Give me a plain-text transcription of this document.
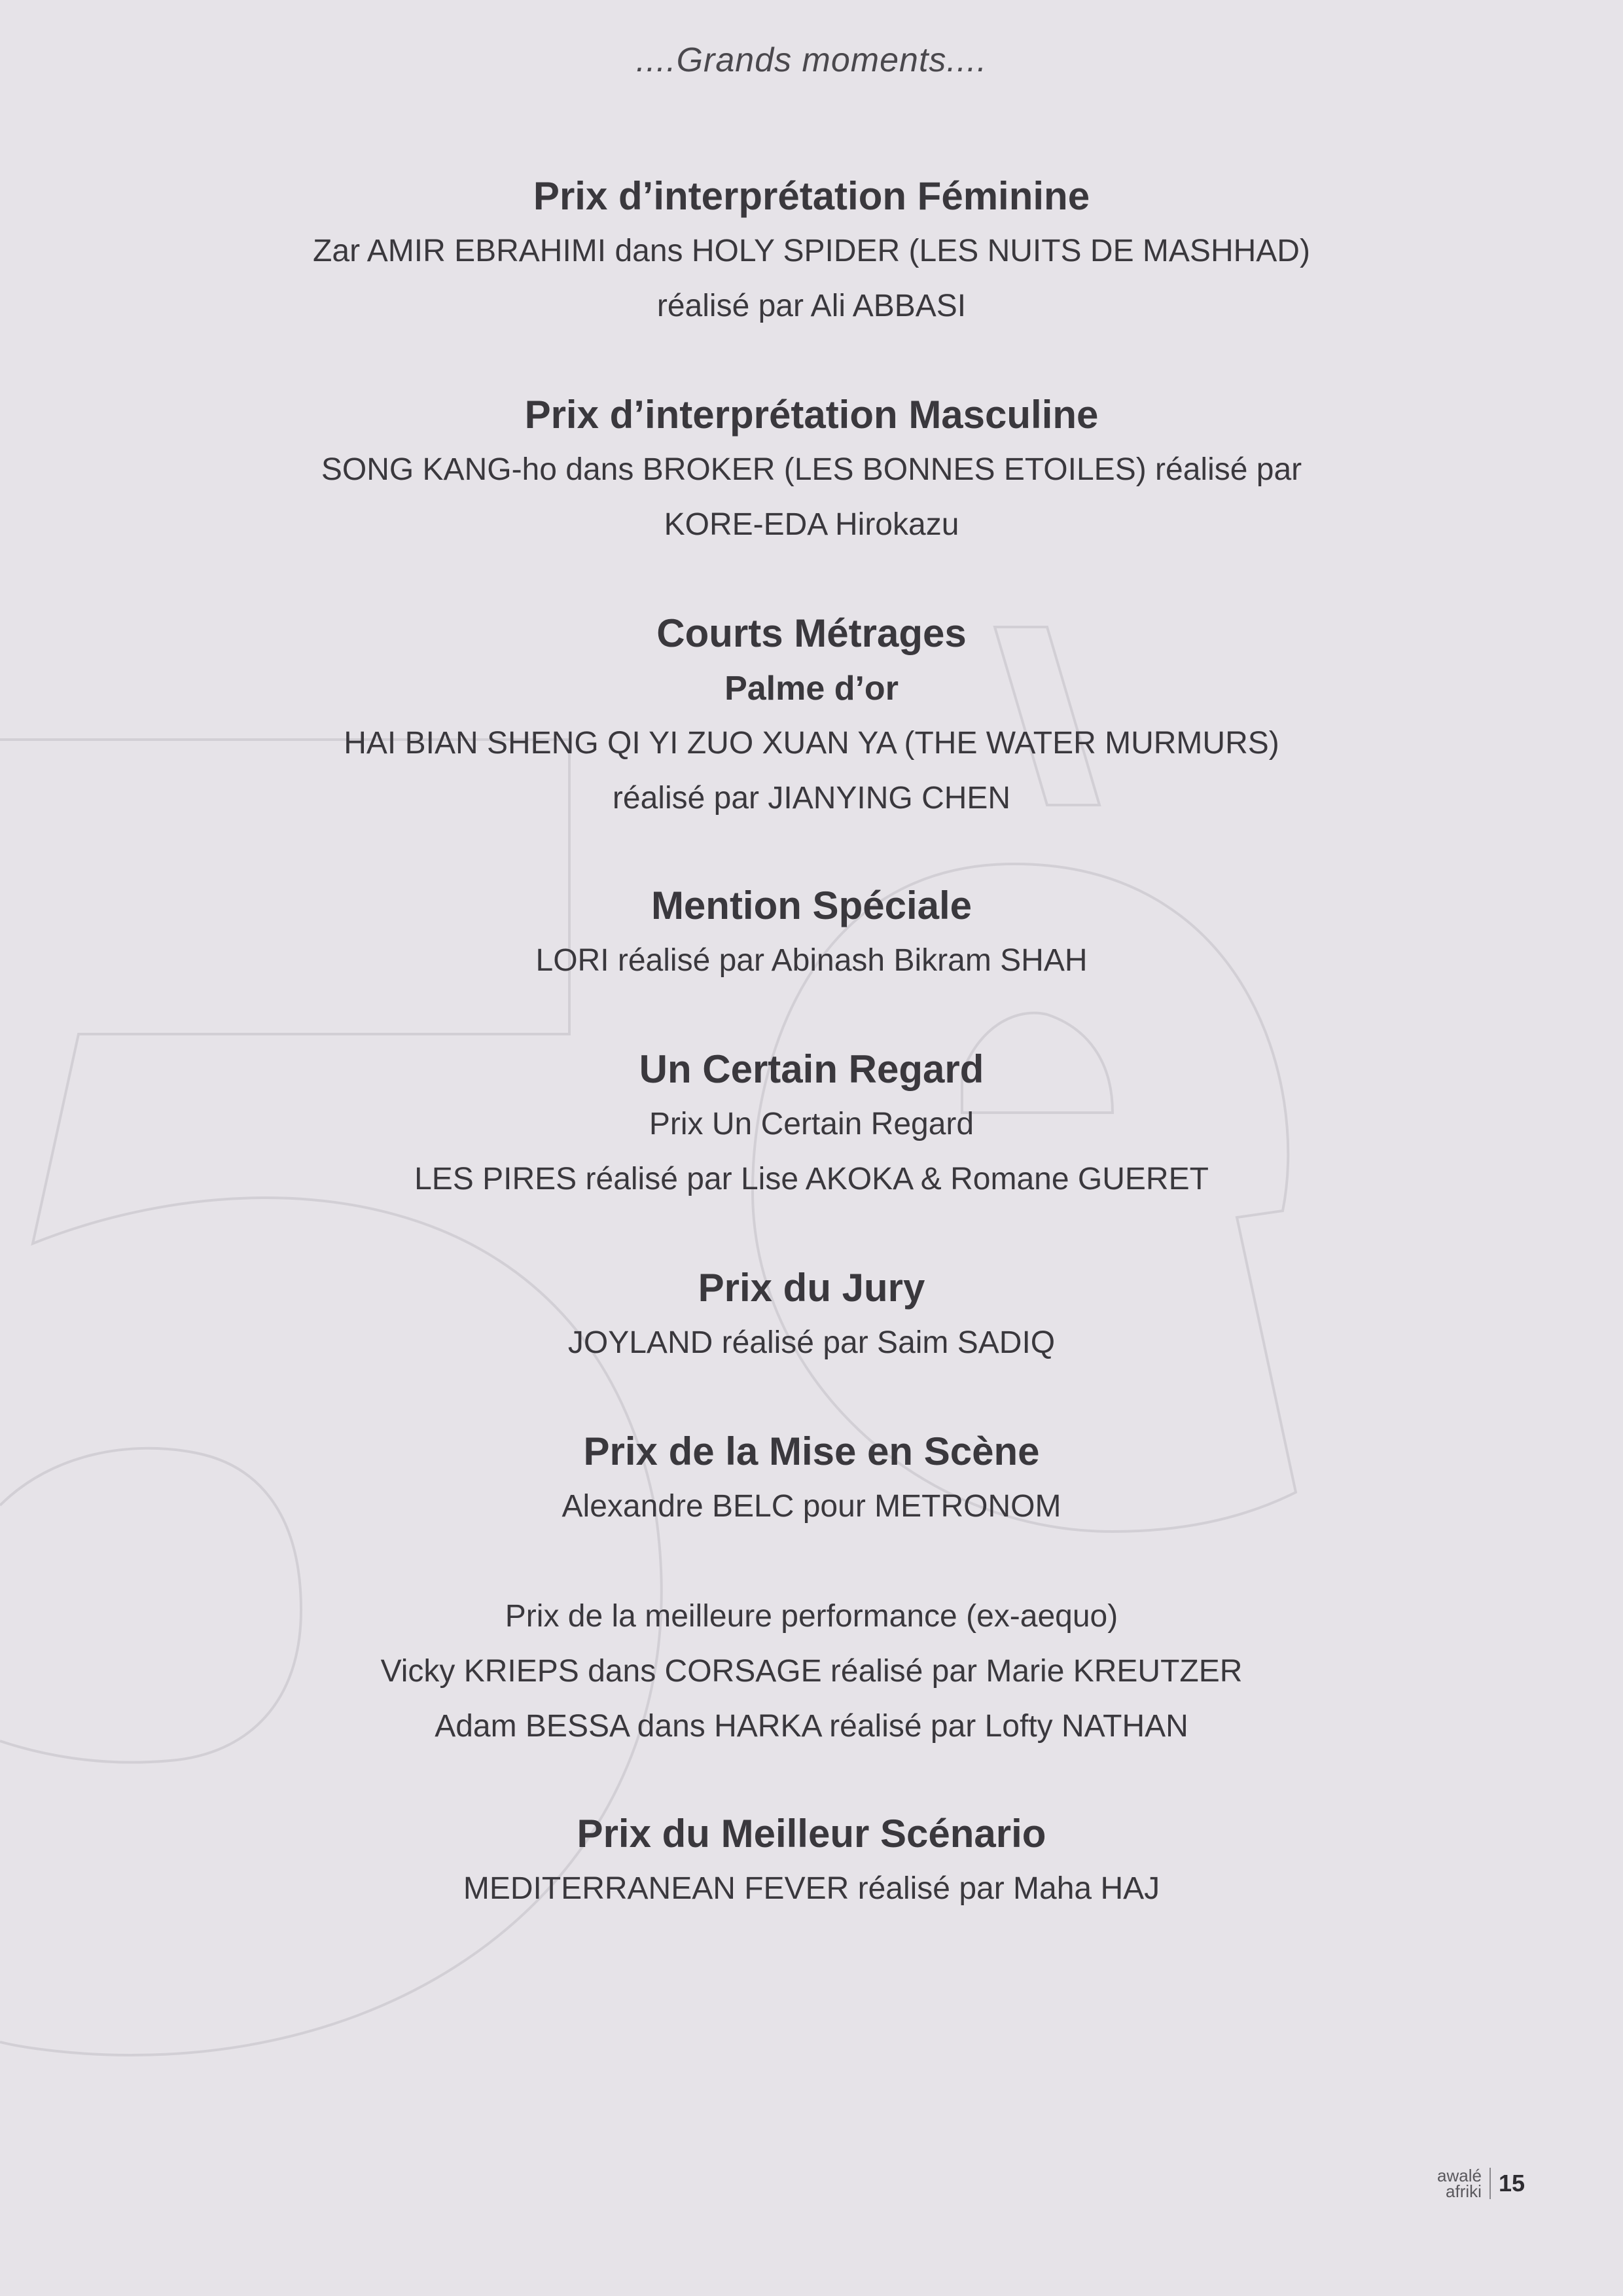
....Grands moments....

Prix d’interprétation Féminine

Zar AMIR EBRAHIMI dans HOLY SPIDER (LES NUITS DE MASHHAD)

réalisé par Ali ABBASI

Prix d’interprétation Masculine

SONG KANG-ho dans BROKER (LES BONNES ETOILES) réalisé par

KORE-EDA Hirokazu

Courts Métrages

Palme d’or

HAI BIAN SHENG QI YI ZUO XUAN YA (THE WATER MURMURS)

réalisé par JIANYING CHEN

Mention Spéciale

LORI réalisé par Abinash Bikram SHAH

Un Certain Regard

Prix Un Certain Regard

LES PIRES réalisé par Lise AKOKA & Romane GUERET

Prix du Jury

JOYLAND réalisé par Saim SADIQ

Prix de la Mise en Scène

Alexandre BELC pour METRONOM

Prix de la meilleure performance (ex-aequo)

Vicky KRIEPS dans CORSAGE réalisé par Marie KREUTZER

Adam BESSA dans HARKA réalisé par Lofty NATHAN

Prix du Meilleur Scénario

MEDITERRANEAN FEVER réalisé par Maha HAJ

awalé
afriki 15
